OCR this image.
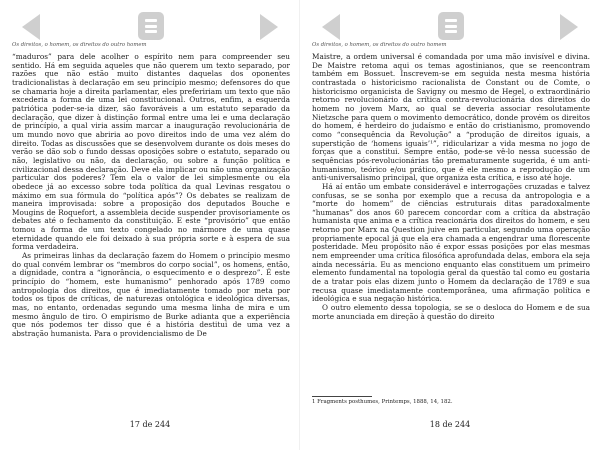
Os direitos, o homem, os direitos do outro homem

“maduros” para dele acolher o espírito nem para compreender seu sentido. Há em seguida aqueles que não querem um texto separado, por razões que não estão muito distantes daquelas dos oponentes tradicionalistas à declaração em seu princípio mesmo; defensores do que se chamaria hoje a direita parlamentar, eles prefeririam um texto que não excederia a forma de uma lei constitucional. Outros, enfim, a esquerda patriótica poder-se-ia dizer, são favoráveis a um estatuto separado da declaração, que dizer à distinção formal entre uma lei e uma declaração de princípio, a qual viria assim marcar a inauguração revolucionária de um mundo novo que abriria ao povo direitos indo de uma vez além do direito. Todas as discussões que se desenvolvem durante os dois meses do verão se dão sob o fundo dessas oposições sobre o estatuto, separado ou não, legislativo ou não, da declaração, ou sobre a função política e civilizacional dessa declaração. Deve ela implicar ou não uma organização particular dos poderes? Tem ela o valor de lei simplesmente ou ela obedece já ao excesso sobre toda política da qual Levinas resgatou o máximo em sua fórmula do “política após”? Os debates se realizam de maneira improvisada: sobre a proposição dos deputados Bouche e Mougins de Roquefort, a assembleia decide suspender provisoriamente os debates até o fechamento da constituição. E este “provisório” que então tomou a forma de um texto congelado no mármore de uma quase eternidade quando ele foi deixado à sua própria sorte e à espera de sua forma verdadeira.

As primeiras linhas da declaração fazem do Homem o princípio mesmo do qual convém lembrar os “membros do corpo social”, os homens, então, a dignidade, contra a “ignorância, o esquecimento e o desprezo”. É este princípio do “homem, este humanismo” penhorado após 1789 como antropologia dos direitos, que é imediatamente tomado por meta por todos os tipos de críticas, de naturezas ontológica e ideológica diversas, mas, no entanto, ordenadas segundo uma mesma linha de mira e um mesmo ângulo de tiro. O empirismo de Burke adianta que a experiência que nós podemos ter disso que é a história destitui de uma vez a abstração humanista. Para o providencialismo de De

17 de 244
Os direitos, o homem, os direitos do outro homem

Maistre, a ordem universal é comandada por uma mão invisível e divina. De Maistre retoma aqui os temas agostinianos, que se reencontram também em Bossuet. Inscrevem-se em seguida nesta mesma história contrastada o historicismo racionalista de Constant ou de Comte, o historicismo organicista de Savigny ou mesmo de Hegel, o extraordinário retorno revolucionário da crítica contra-revolucionária dos direitos do homem no jovem Marx, ao qual se deveria associar resolutamente Nietzsche para quem o movimento democrático, donde provém os direitos do homem, é herdeiro do judaísmo e então do cristianismo, promovendo como “consequência da Revolução” a “produção de direitos iguais, a superstição de ‘homens iguais’¹”, ridicularizar a vida mesma no jogo de forças que a constitui. Sempre então, pode-se vê-lo nessa sucessão de sequências pós-revolucionárias tão prematuramente sugerida, é um anti-humanismo, teórico e/ou prático, que é ele mesmo a reprodução de um anti-universalismo principal, que organiza esta crítica, e isso até hoje.

Há aí então um embate considerável e interrogações cruzadas e talvez confusas, se se sonha por exemplo que a recusa da antropologia e a “morte do homem” de ciências estruturais ditas paradoxalmente “humanas” dos anos 60 parecem concordar com a crítica da abstração humanista que anima e a crítica reacionária dos direitos do homem, e seu retorno por Marx na Question juive em particular, segundo uma operação propriamente epocal já que ela era chamada a engendrar uma florescente posteridade. Meu propósito não é expor essas posições por elas mesmas nem empreender uma crítica filosófica aprofundada delas, embora ela seja ainda necessária. Eu as menciono enquanto elas constituem um primeiro elemento fundamental na topologia geral da questão tal como eu gostaria de a tratar pois elas dizem junto o Homem da declaração de 1789 e sua recusa quase imediatamente contemporânea, uma afirmação política e ideológica e sua negação histórica.

O outro elemento dessa topologia, se se o desloca do Homem e de sua morte anunciada em direção à questão do direito

1 Fragments posthumes, Printemps, 1888, 14, 182.
18 de 244
